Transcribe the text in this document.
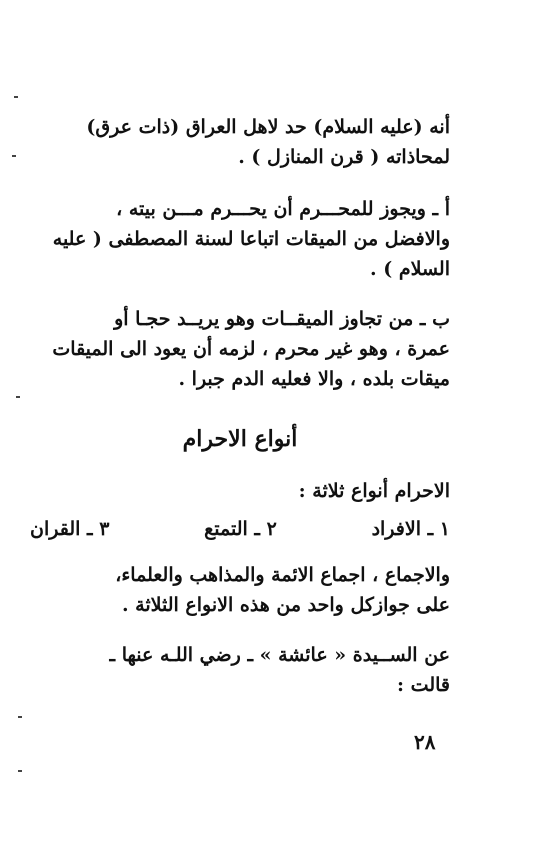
أنه (عليه السلام) حد لاهل العراق (ذات عرق)
لمحاذاته ( قرن المنازل ) .
أ ـ ويجوز للمحـــرم أن يحـــرم مـــن بيته ،
والافضل من الميقات اتباعا لسنة المصطفى ( عليه
السلام ) .
ب ـ من تجاوز الميقــات وهو يريــد حجـا أو
عمرة ، وهو غير محرم ، لزمه أن يعود الى الميقات
ميقات بلده ، والا فعليه الدم جبرا .
أنواع الاحرام
الاحرام أنواع ثلاثة :
١ ـ الافراد
٢ ـ التمتع
٣ ـ القران
والاجماع ، اجماع الائمة والمذاهب والعلماء،
على جوازكل واحد من هذه الانواع الثلاثة .
عن الســيدة « عائشة » ـ رضي اللـه عنها ـ
قالت :
٢٨
